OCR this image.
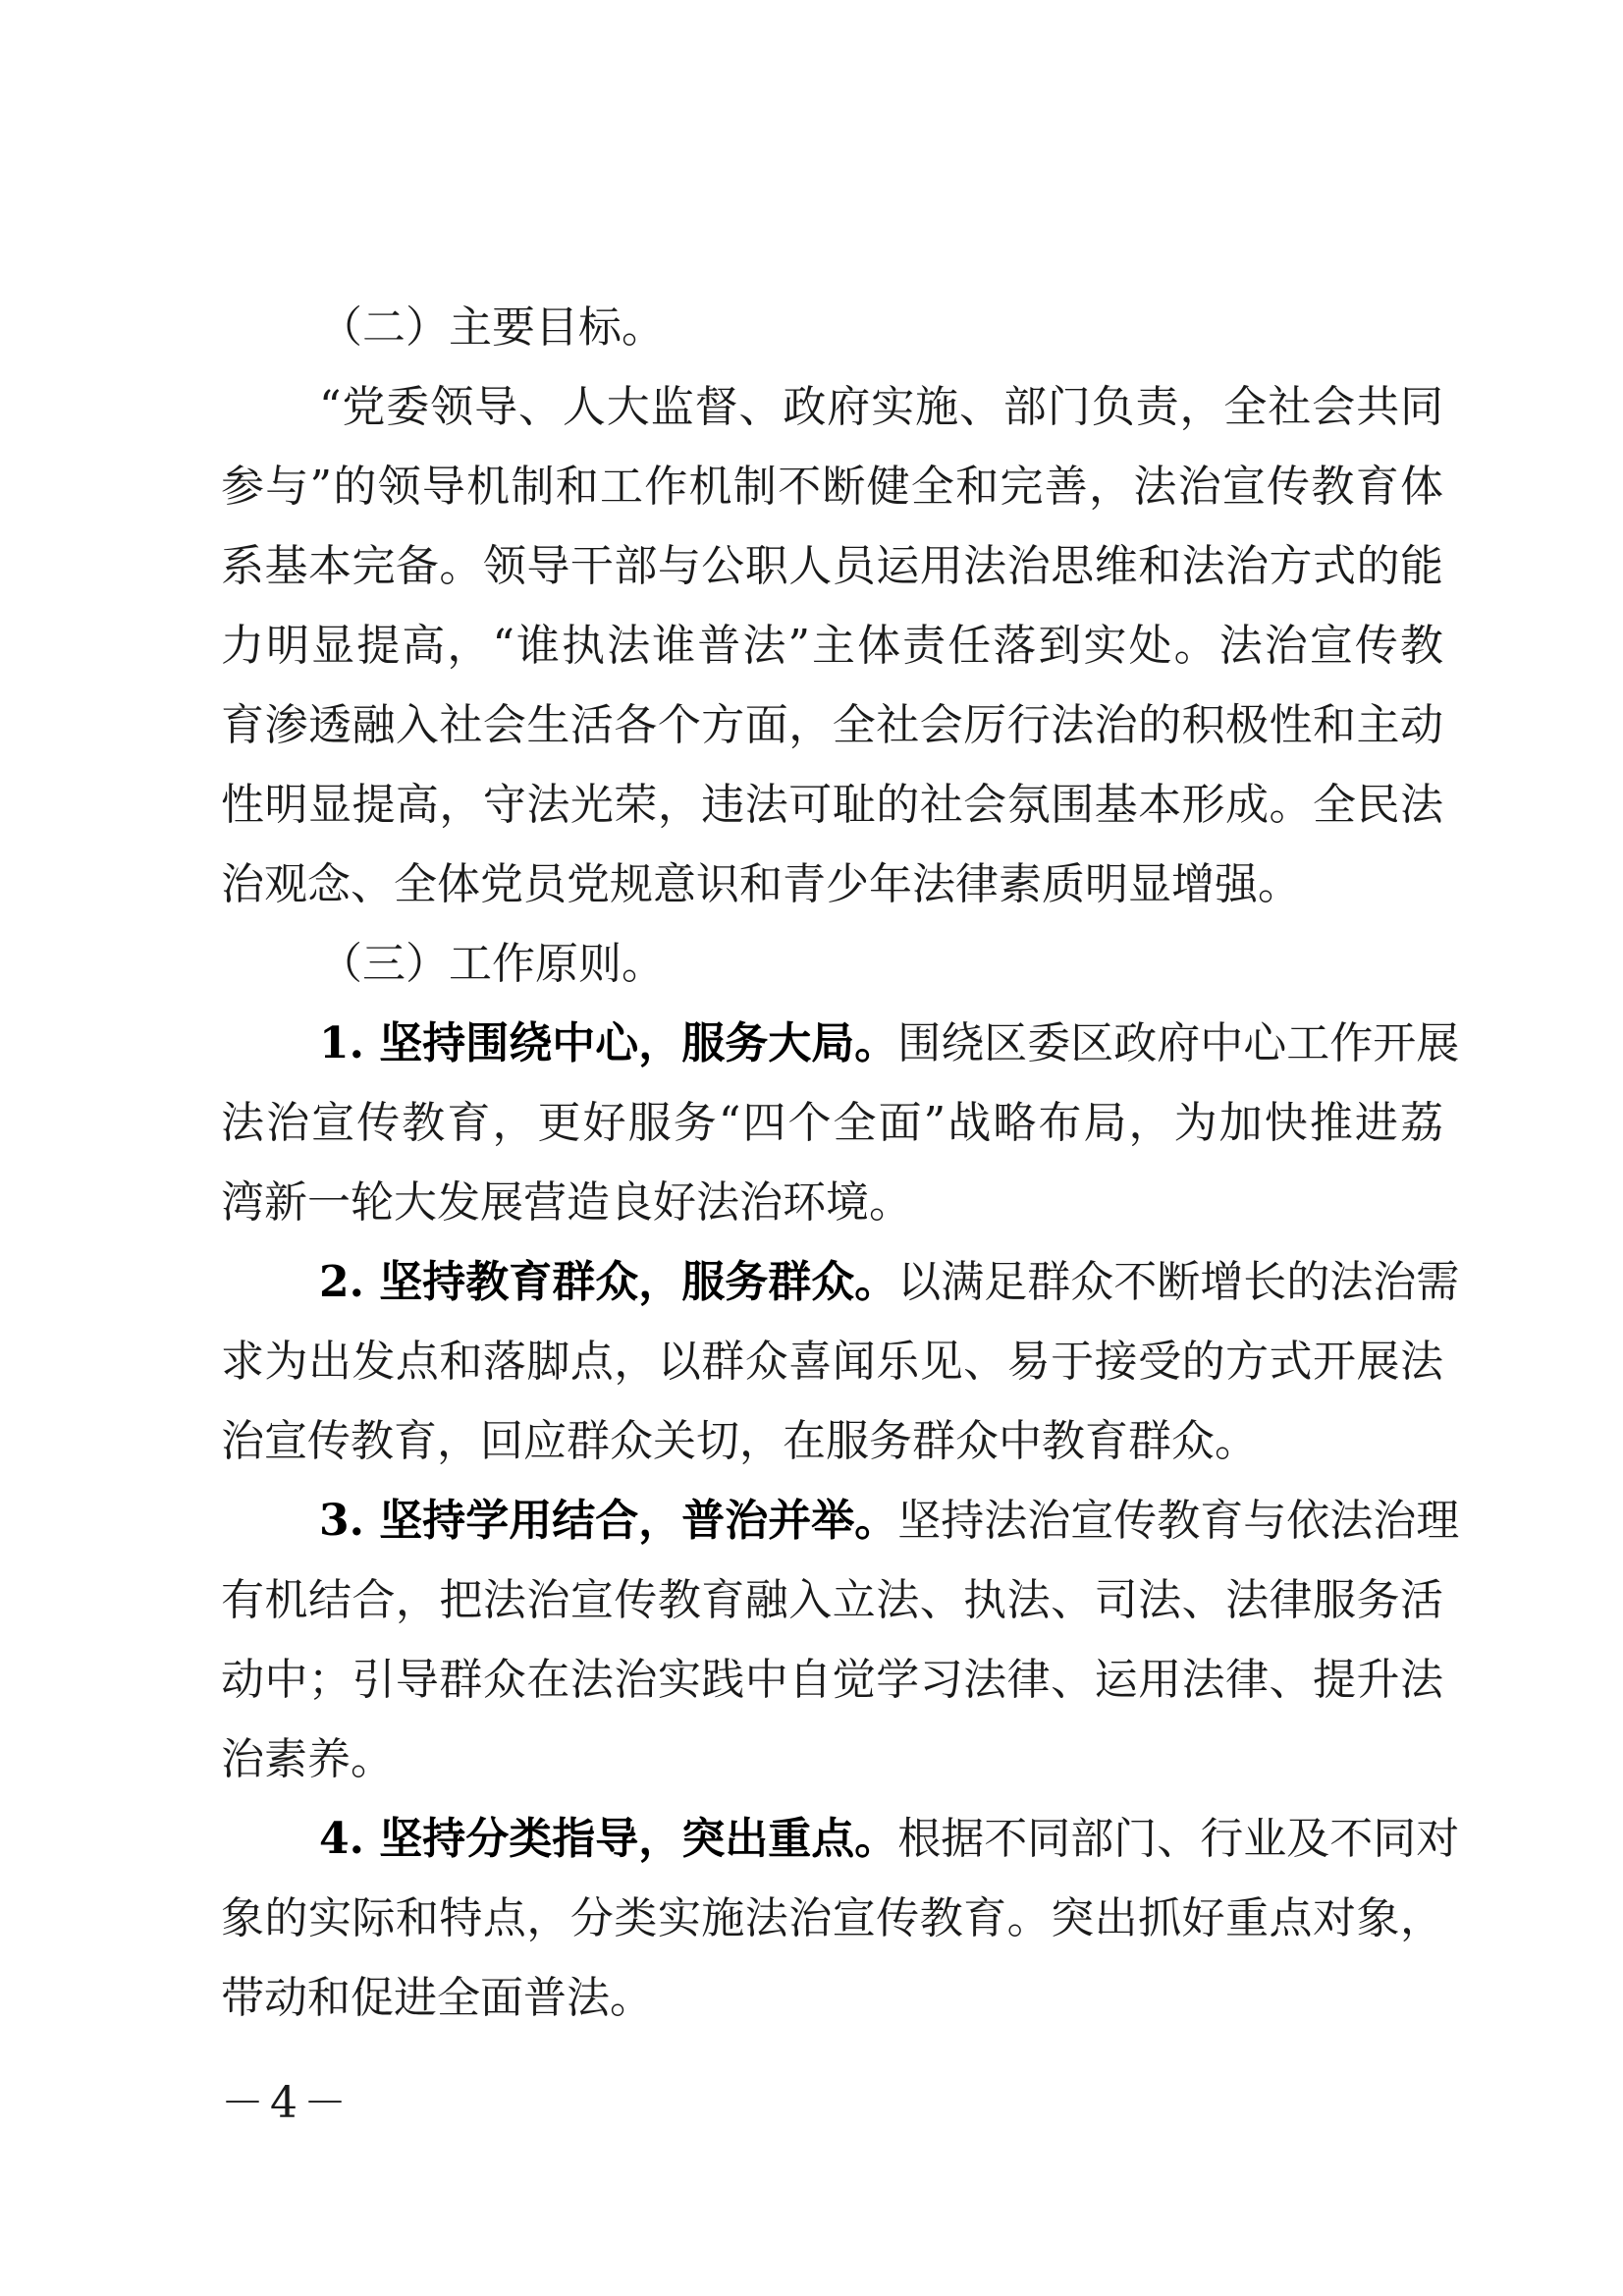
（二）主要目标。
“党委领导、人大监督、政府实施、部门负责，全社会共同
参与”的领导机制和工作机制不断健全和完善，法治宣传教育体
系基本完备。领导干部与公职人员运用法治思维和法治方式的能
力明显提高，“谁执法谁普法”主体责任落到实处。法治宣传教
育渗透融入社会生活各个方面，全社会厉行法治的积极性和主动
性明显提高，守法光荣，违法可耻的社会氛围基本形成。全民法
治观念、全体党员党规意识和青少年法律素质明显增强。
（三）工作原则。
1. 坚持围绕中心，服务大局。围绕区委区政府中心工作开展
法治宣传教育，更好服务“四个全面”战略布局，为加快推进荔
湾新一轮大发展营造良好法治环境。
2. 坚持教育群众，服务群众。以满足群众不断增长的法治需
求为出发点和落脚点，以群众喜闻乐见、易于接受的方式开展法
治宣传教育，回应群众关切，在服务群众中教育群众。
3. 坚持学用结合，普治并举。坚持法治宣传教育与依法治理
有机结合，把法治宣传教育融入立法、执法、司法、法律服务活
动中；引导群众在法治实践中自觉学习法律、运用法律、提升法
治素养。
4. 坚持分类指导，突出重点。根据不同部门、行业及不同对
象的实际和特点，分类实施法治宣传教育。突出抓好重点对象，
带动和促进全面普法。
－4－
